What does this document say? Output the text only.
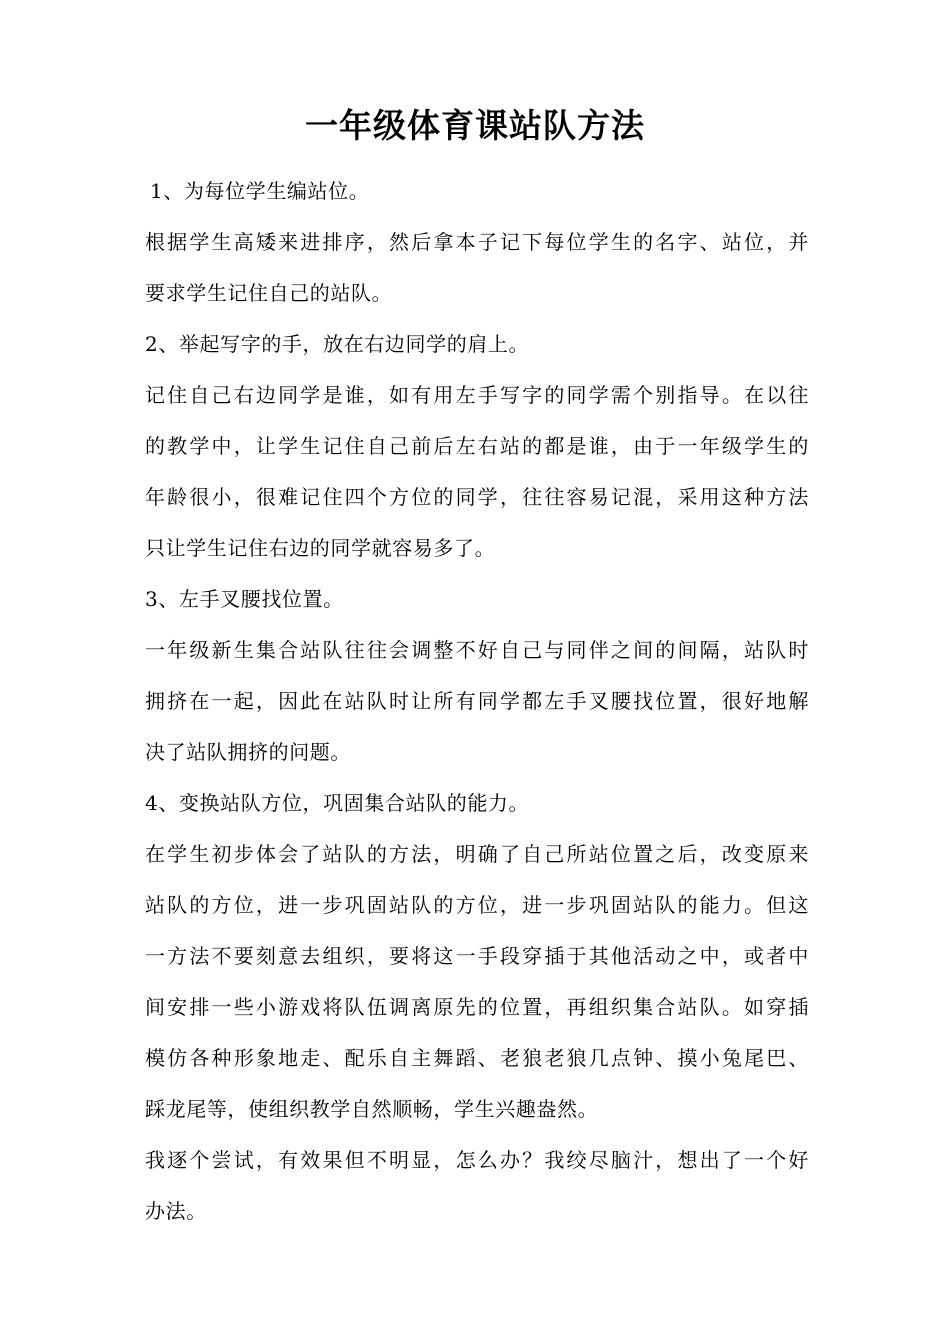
一年级体育课站队方法

1、为每位学生编站位。

根据学生高矮来进排序，然后拿本子记下每位学生的名字、站位，并

要求学生记住自己的站队。

2、举起写字的手，放在右边同学的肩上。

记住自己右边同学是谁，如有用左手写字的同学需个别指导。在以往

的教学中，让学生记住自己前后左右站的都是谁，由于一年级学生的

年龄很小，很难记住四个方位的同学，往往容易记混，采用这种方法

只让学生记住右边的同学就容易多了。

3、左手叉腰找位置。

一年级新生集合站队往往会调整不好自己与同伴之间的间隔，站队时

拥挤在一起，因此在站队时让所有同学都左手叉腰找位置，很好地解

决了站队拥挤的问题。

4、变换站队方位，巩固集合站队的能力。

在学生初步体会了站队的方法，明确了自己所站位置之后，改变原来

站队的方位，进一步巩固站队的方位，进一步巩固站队的能力。但这

一方法不要刻意去组织，要将这一手段穿插于其他活动之中，或者中

间安排一些小游戏将队伍调离原先的位置，再组织集合站队。如穿插

模仿各种形象地走、配乐自主舞蹈、老狼老狼几点钟、摸小兔尾巴、

踩龙尾等，使组织教学自然顺畅，学生兴趣盎然。

我逐个尝试，有效果但不明显，怎么办？我绞尽脑汁，想出了一个好

办法。
